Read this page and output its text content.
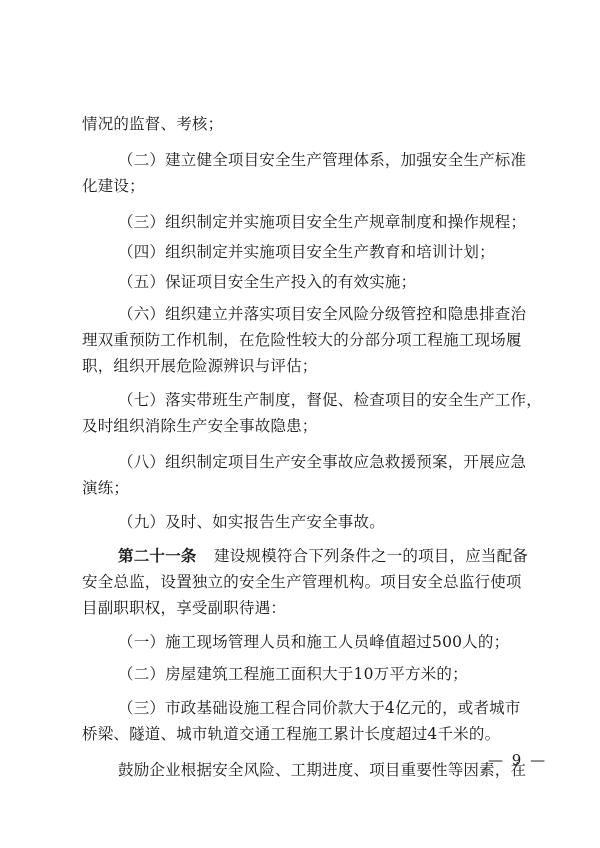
情况的监督、考核；
（二）建立健全项目安全生产管理体系，加强安全生产标准
化建设；
（三）组织制定并实施项目安全生产规章制度和操作规程；
（四）组织制定并实施项目安全生产教育和培训计划；
（五）保证项目安全生产投入的有效实施；
（六）组织建立并落实项目安全风险分级管控和隐患排查治
理双重预防工作机制，在危险性较大的分部分项工程施工现场履
职，组织开展危险源辨识与评估；
（七）落实带班生产制度，督促、检查项目的安全生产工作，
及时组织消除生产安全事故隐患；
（八）组织制定项目生产安全事故应急救援预案，开展应急
演练；
（九）及时、如实报告生产安全事故。
第二十一条 建设规模符合下列条件之一的项目，应当配备
安全总监，设置独立的安全生产管理机构。项目安全总监行使项
目副职职权，享受副职待遇：
（一）施工现场管理人员和施工人员峰值超过500人的；
（二）房屋建筑工程施工面积大于10万平方米的；
（三）市政基础设施工程合同价款大于4亿元的，或者城市
桥梁、隧道、城市轨道交通工程施工累计长度超过4千米的。
鼓励企业根据安全风险、工期进度、项目重要性等因素，在
— 9 —
